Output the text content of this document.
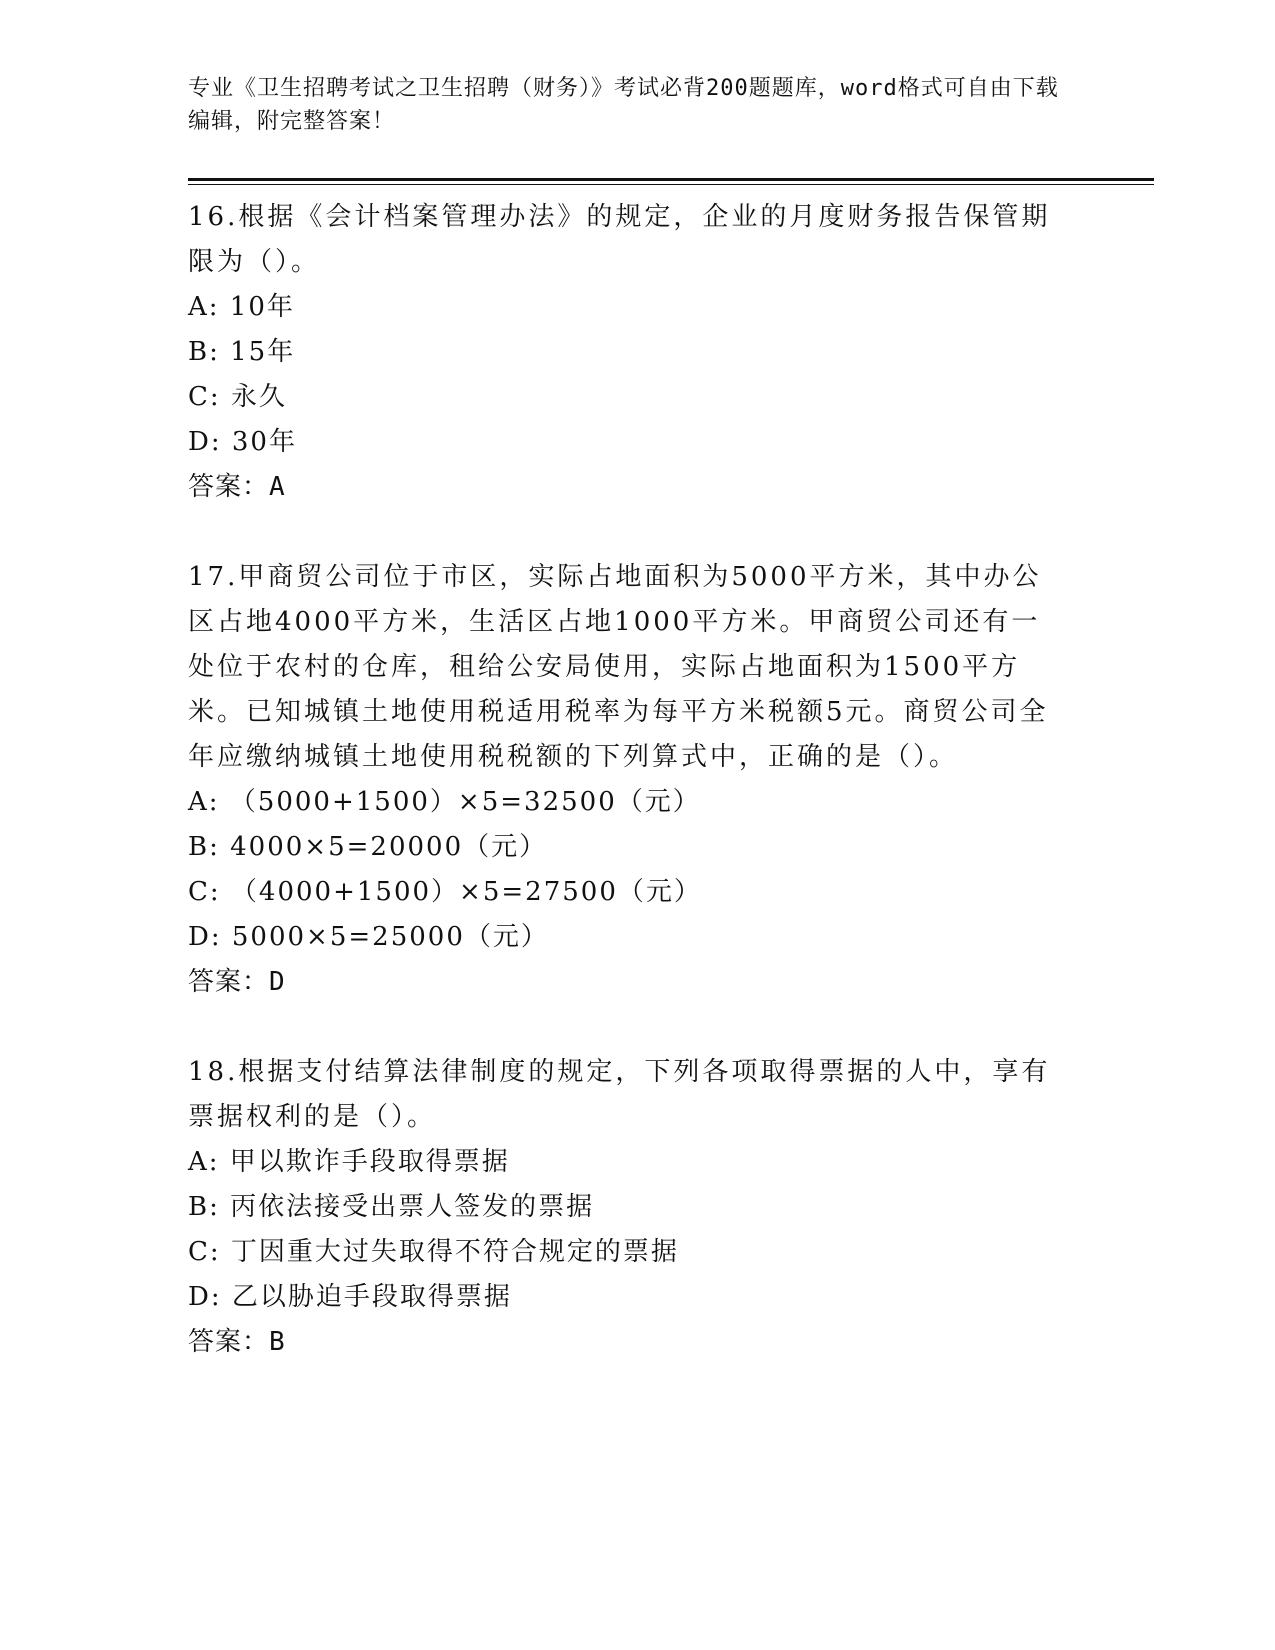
专业《卫生招聘考试之卫生招聘（财务）》考试必背200题题库，word格式可自由下载编辑，附完整答案！

16.根据《会计档案管理办法》的规定，企业的月度财务报告保管期限为（）。

A: 10年

B: 15年

C: 永久

D: 30年

答案：A

17.甲商贸公司位于市区，实际占地面积为5000平方米，其中办公区占地4000平方米，生活区占地1000平方米。甲商贸公司还有一处位于农村的仓库，租给公安局使用，实际占地面积为1500平方米。已知城镇土地使用税适用税率为每平方米税额5元。商贸公司全年应缴纳城镇土地使用税税额的下列算式中，正确的是（）。

A: （5000+1500）×5=32500（元）

B: 4000×5=20000（元）

C: （4000+1500）×5=27500（元）

D: 5000×5=25000（元）

答案：D

18.根据支付结算法律制度的规定，下列各项取得票据的人中，享有票据权利的是（）。

A: 甲以欺诈手段取得票据

B: 丙依法接受出票人签发的票据

C: 丁因重大过失取得不符合规定的票据

D: 乙以胁迫手段取得票据

答案：B
